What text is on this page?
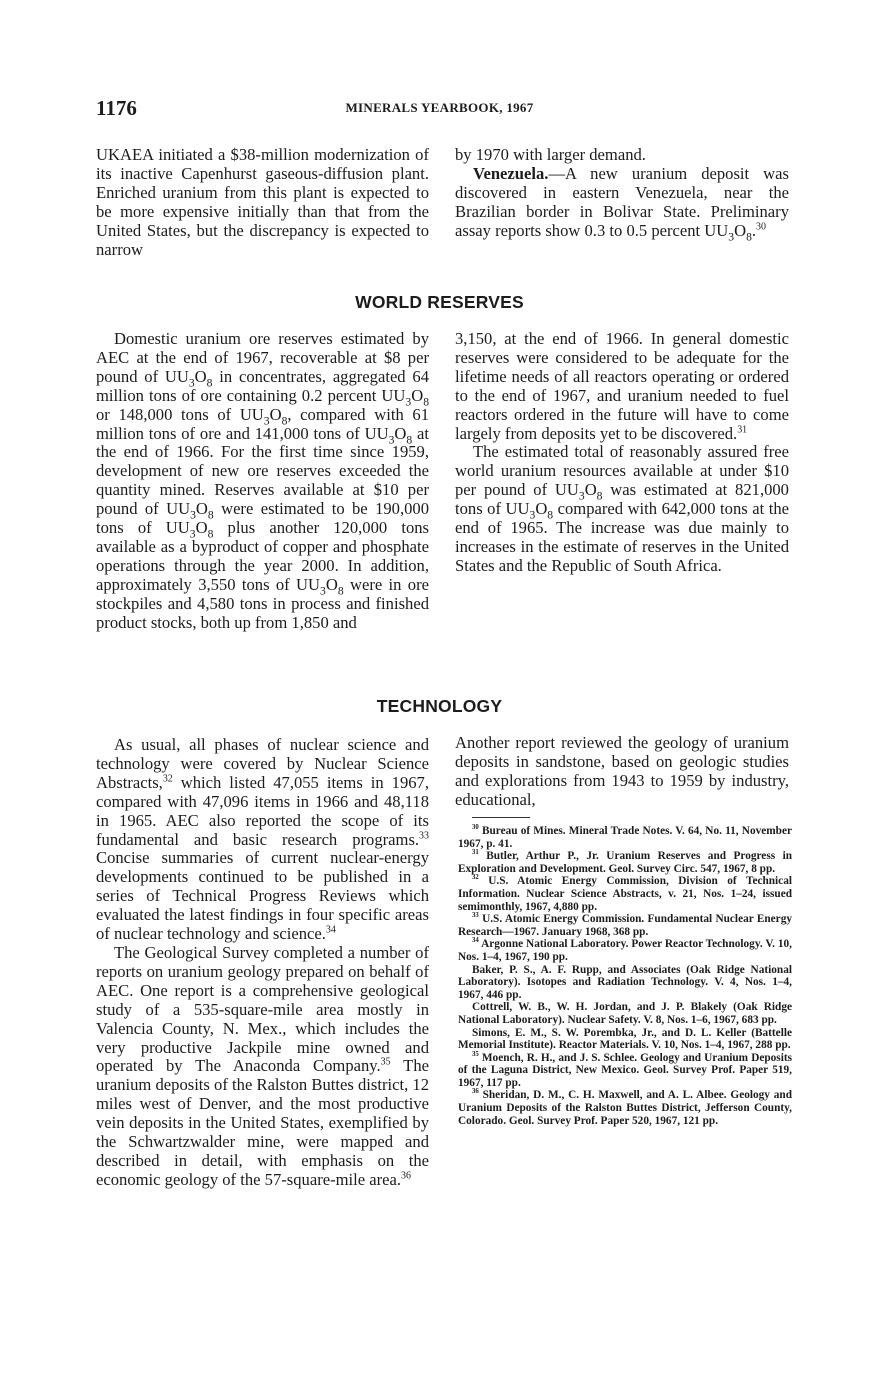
1176	MINERALS YEARBOOK, 1967

UKAEA initiated a $38-million modernization of its inactive Capenhurst gaseous-diffusion plant. Enriched uranium from this plant is expected to be more expensive initially than that from the United States, but the discrepancy is expected to narrow

by 1970 with larger demand.

Venezuela.—A new uranium deposit was discovered in eastern Venezuela, near the Brazilian border in Bolivar State. Preliminary assay reports show 0.3 to 0.5 percent $UU_3O_8.^{30}$

WORLD RESERVES

Domestic uranium ore reserves estimated by AEC at the end of 1967, recoverable at $8 per pound of $UU_3O_8$ in concentrates, aggregated 64 million tons of ore containing 0.2 percent $UU_3O_8$ or 148,000 tons of $UU_3O_8$, compared with 61 million tons of ore and 141,000 tons of $UU_3O_8$ at the end of 1966. For the first time since 1959, development of new ore reserves exceeded the quantity mined. Reserves available at $10 per pound of $UU_3O_8$ were estimated to be 190,000 tons of $UU_3O_8$ plus another 120,000 tons available as a byproduct of copper and phosphate operations through the year 2000. In addition, approximately 3,550 tons of $UU_3O_8$ were in ore stockpiles and 4,580 tons in process and finished product stocks, both up from 1,850 and

3,150, at the end of 1966. In general domestic reserves were considered to be adequate for the lifetime needs of all reactors operating or ordered to the end of 1967, and uranium needed to fuel reactors ordered in the future will have to come largely from deposits yet to be discovered.$^{31}$

The estimated total of reasonably assured free world uranium resources available at under $10 per pound of $UU_3O_8$ was estimated at 821,000 tons of $UU_3O_8$ compared with 642,000 tons at the end of 1965. The increase was due mainly to increases in the estimate of reserves in the United States and the Republic of South Africa.

TECHNOLOGY

As usual, all phases of nuclear science and technology were covered by Nuclear Science Abstracts,$^{32}$ which listed 47,055 items in 1967, compared with 47,096 items in 1966 and 48,118 in 1965. AEC also reported the scope of its fundamental and basic research programs.$^{33}$ Concise summaries of current nuclear-energy developments continued to be published in a series of Technical Progress Reviews which evaluated the latest findings in four specific areas of nuclear technology and science.$^{34}$

The Geological Survey completed a number of reports on uranium geology prepared on behalf of AEC. One report is a comprehensive geological study of a 535-square-mile area mostly in Valencia County, N. Mex., which includes the very productive Jackpile mine owned and operated by The Anaconda Company.$^{35}$ The uranium deposits of the Ralston Buttes district, 12 miles west of Denver, and the most productive vein deposits in the United States, exemplified by the Schwartzwalder mine, were mapped and described in detail, with emphasis on the economic geology of the 57-square-mile area.$^{36}$

Another report reviewed the geology of uranium deposits in sandstone, based on geologic studies and explorations from 1943 to 1959 by industry, educational,

$^{30}$ Bureau of Mines. Mineral Trade Notes. V. 64, No. 11, November 1967, p. 41.

$^{31}$ Butler, Arthur P., Jr. Uranium Reserves and Progress in Exploration and Development. Geol. Survey Circ. 547, 1967, 8 pp.

$^{32}$ U.S. Atomic Energy Commission, Division of Technical Information. Nuclear Science Abstracts, v. 21, Nos. 1–24, issued semimonthly, 1967, 4,880 pp.

$^{33}$ U.S. Atomic Energy Commission. Fundamental Nuclear Energy Research—1967. January 1968, 368 pp.

$^{34}$ Argonne National Laboratory. Power Reactor Technology. V. 10, Nos. 1–4, 1967, 190 pp.

Baker, P. S., A. F. Rupp, and Associates (Oak Ridge National Laboratory). Isotopes and Radiation Technology. V. 4, Nos. 1–4, 1967, 446 pp.

Cottrell, W. B., W. H. Jordan, and J. P. Blakely (Oak Ridge National Laboratory). Nuclear Safety. V. 8, Nos. 1–6, 1967, 683 pp.

Simons, E. M., S. W. Porembka, Jr., and D. L. Keller (Battelle Memorial Institute). Reactor Materials. V. 10, Nos. 1–4, 1967, 288 pp.

$^{35}$ Moench, R. H., and J. S. Schlee. Geology and Uranium Deposits of the Laguna District, New Mexico. Geol. Survey Prof. Paper 519, 1967, 117 pp.

$^{36}$ Sheridan, D. M., C. H. Maxwell, and A. L. Albee. Geology and Uranium Deposits of the Ralston Buttes District, Jefferson County, Colorado. Geol. Survey Prof. Paper 520, 1967, 121 pp.
